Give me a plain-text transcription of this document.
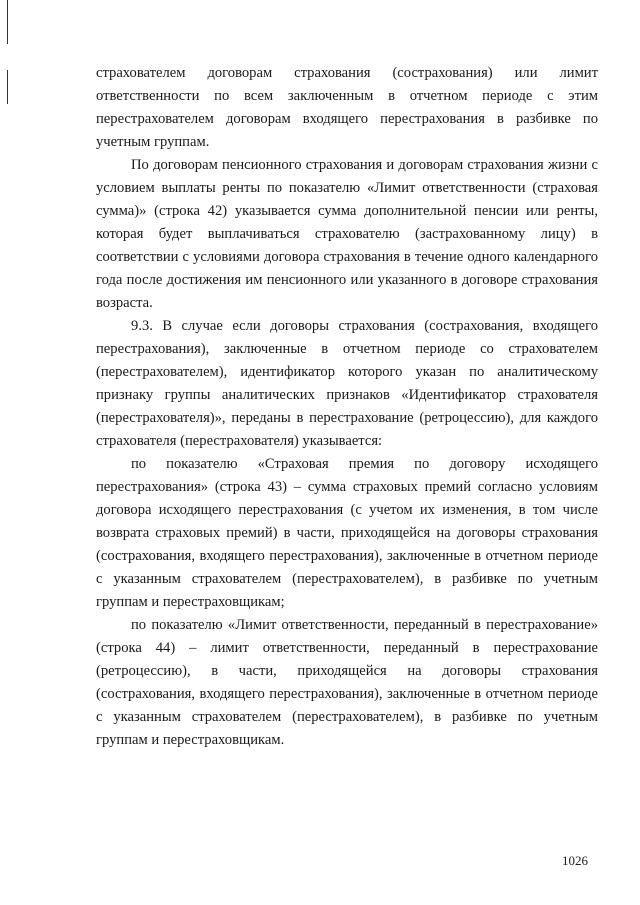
страхователем договорам страхования (сострахования) или лимит ответственности по всем заключенным в отчетном периоде с этим перестрахователем договорам входящего перестрахования в разбивке по учетным группам.

По договорам пенсионного страхования и договорам страхования жизни с условием выплаты ренты по показателю «Лимит ответственности (страховая сумма)» (строка 42) указывается сумма дополнительной пенсии или ренты, которая будет выплачиваться страхователю (застрахованному лицу) в соответствии с условиями договора страхования в течение одного календарного года после достижения им пенсионного или указанного в договоре страхования возраста.

9.3. В случае если договоры страхования (сострахования, входящего перестрахования), заключенные в отчетном периоде со страхователем (перестрахователем), идентификатор которого указан по аналитическому признаку группы аналитических признаков «Идентификатор страхователя (перестрахователя)», переданы в перестрахование (ретроцессию), для каждого страхователя (перестрахователя) указывается:

по показателю «Страховая премия по договору исходящего перестрахования» (строка 43) – сумма страховых премий согласно условиям договора исходящего перестрахования (с учетом их изменения, в том числе возврата страховых премий) в части, приходящейся на договоры страхования (сострахования, входящего перестрахования), заключенные в отчетном периоде с указанным страхователем (перестрахователем), в разбивке по учетным группам и перестраховщикам;

по показателю «Лимит ответственности, переданный в перестрахование» (строка 44) – лимит ответственности, переданный в перестрахование (ретроцессию), в части, приходящейся на договоры страхования (сострахования, входящего перестрахования), заключенные в отчетном периоде с указанным страхователем (перестрахователем), в разбивке по учетным группам и перестраховщикам.

1026
